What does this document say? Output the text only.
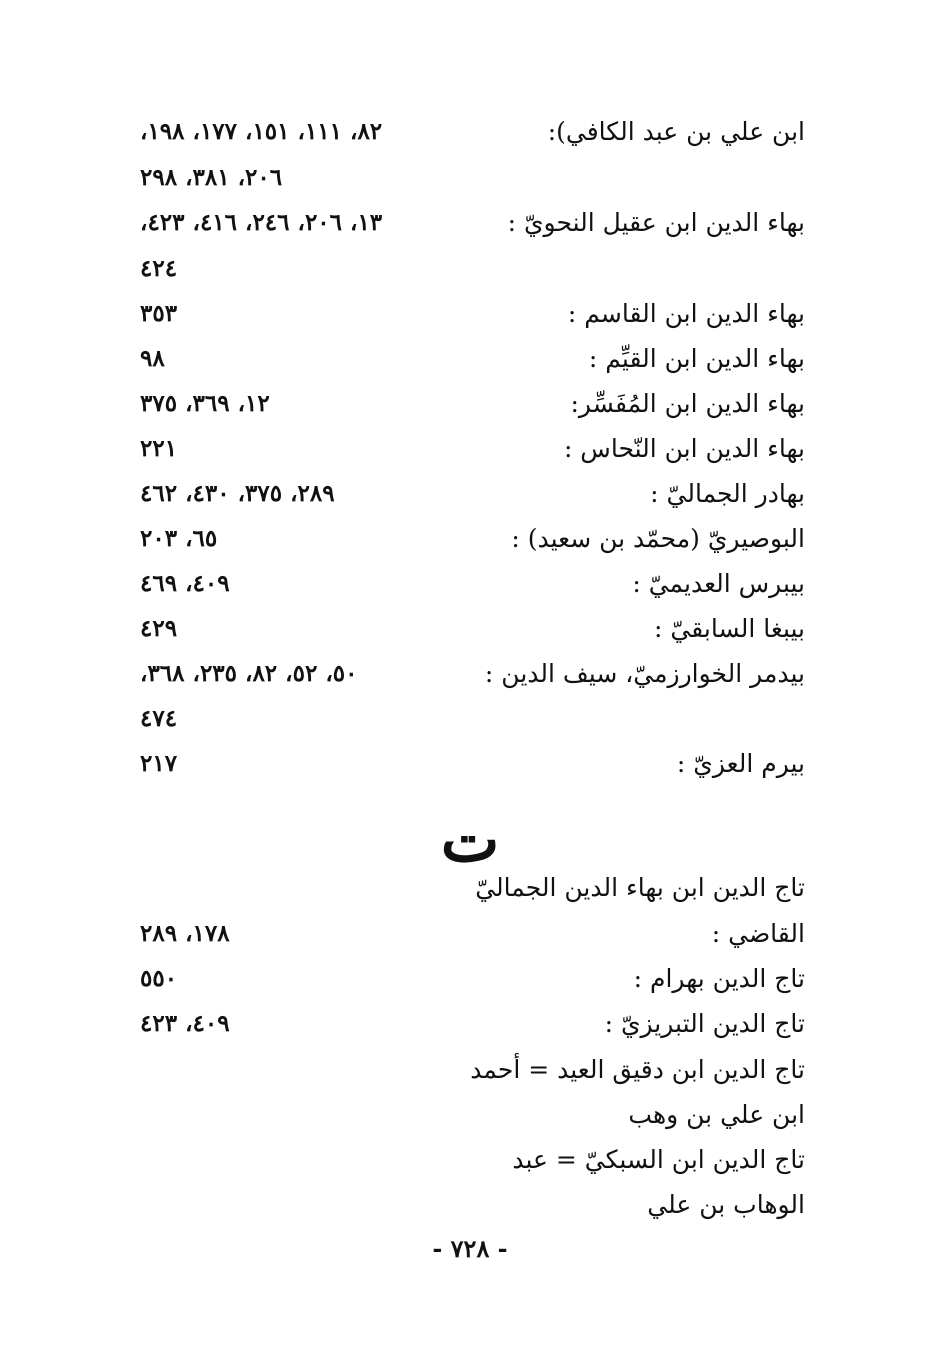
ابن علي بن عبد الكافي):
٨٢، ١١١، ١٥١، ١٧٧، ١٩٨،
٢٠٦، ٣٨١، ٢٩٨
بهاء الدين ابن عقيل النحويّ :
١٣، ٢٠٦، ٢٤٦، ٤١٦، ٤٢٣،
٤٢٤
بهاء الدين ابن القاسم :
٣٥٣
بهاء الدين ابن القيِّم :
٩٨
بهاء الدين ابن المُفَسِّر:
١٢، ٣٦٩، ٣٧٥
بهاء الدين ابن النّحاس :
٢٢١
بهادر الجماليّ :
٢٨٩، ٣٧٥، ٤٣٠، ٤٦٢
البوصيريّ (محمّد بن سعيد) :
٦٥، ٢٠٣
بيبرس العديميّ :
٤٠٩، ٤٦٩
بيبغا السابقيّ :
٤٢٩
بيدمر الخوارزميّ، سيف الدين :
٥٠، ٥٢، ٨٢، ٢٣٥، ٣٦٨،
٤٧٤
بيرم العزيّ :
٢١٧
ت
تاج الدين ابن بهاء الدين الجماليّ
القاضي :
١٧٨، ٢٨٩
تاج الدين بهرام :
٥٥٠
تاج الدين التبريزيّ :
٤٠٩، ٤٢٣
تاج الدين ابن دقيق العيد = أحمد
ابن علي بن وهب
تاج الدين ابن السبكيّ = عبد
الوهاب بن علي
- ٧٢٨ -
